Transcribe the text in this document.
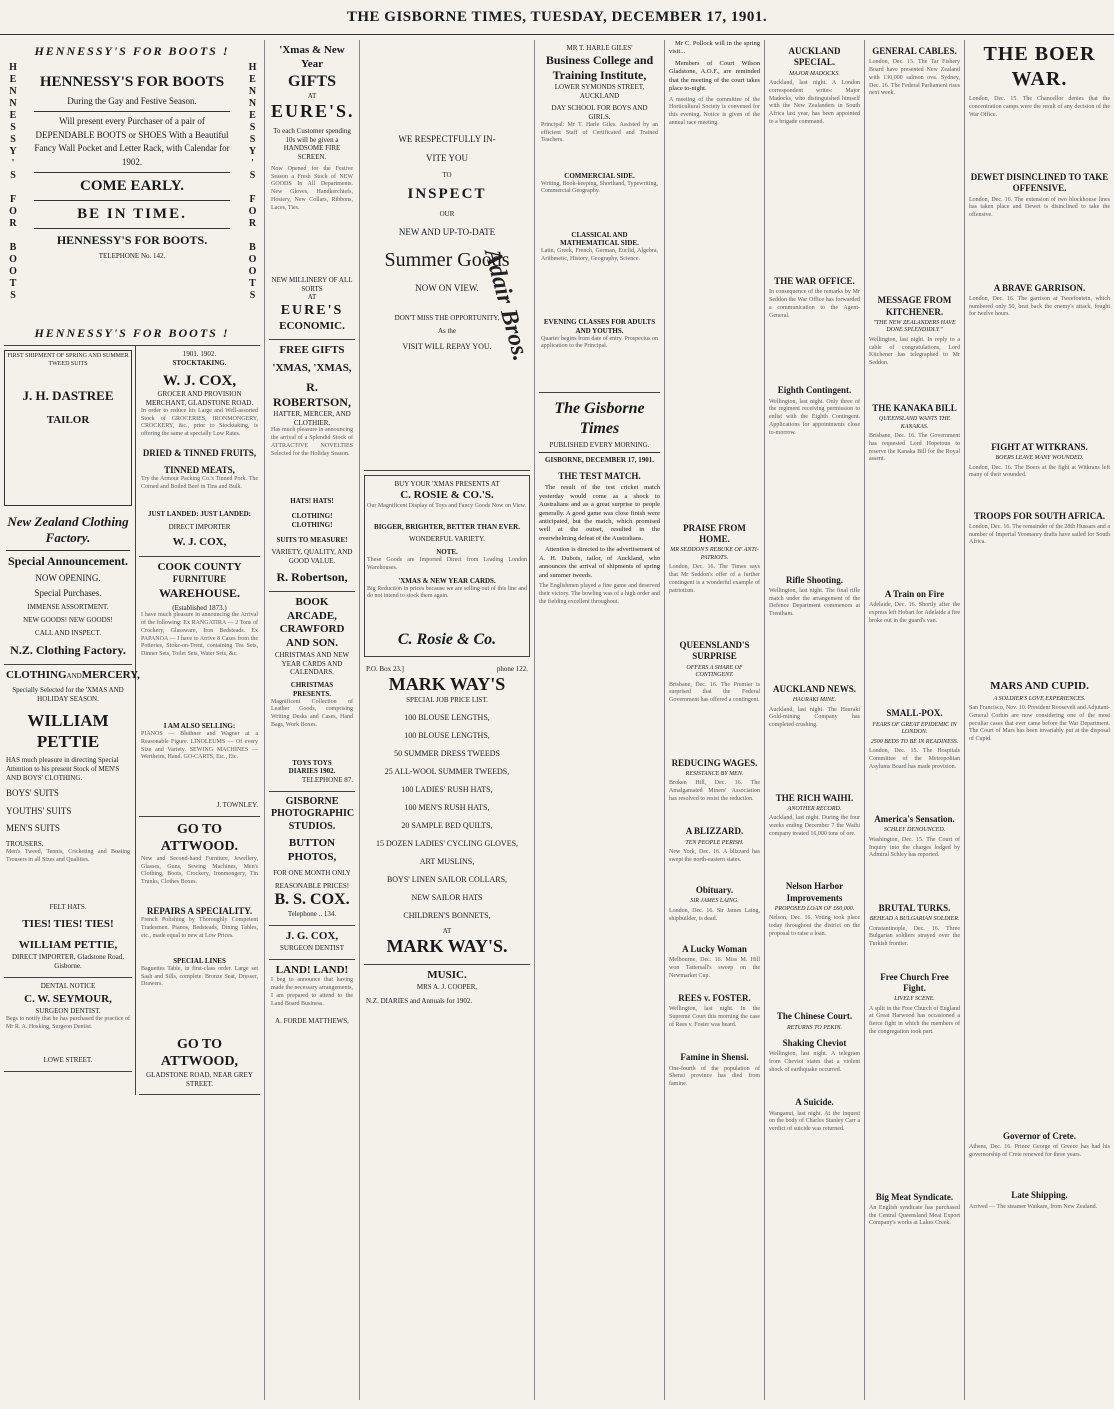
THE GISBORNE TIMES, TUESDAY, DECEMBER 17, 1901.
HENNESSY'S FOR BOOTS !
HENNESSY'S FOR BOOTS	HENNESSY'S FOR BOOTS
HENNESSY'S FOR BOOTS
During the Gay and Festive Season.
Will present every Purchaser of a pair of DEPENDABLE BOOTS or SHOES With a Beautiful Fancy Wall Pocket and Letter Rack, with Calendar for 1902.
COME EARLY.
BE IN TIME.
HENNESSY'S FOR BOOTS.
TELEPHONE No. 142.
HENNESSY'S FOR BOOTS !
FIRST SHIPMENT OF SPRING AND SUMMER TWEED SUITS
J. H. DASTREE
TAILOR
New Zealand Clothing Factory.
Special Announcement.
NOW OPENING.
Special Purchases.
IMMENSE ASSORTMENT.
NEW GOODS! NEW GOODS!
CALL AND INSPECT.
N.Z. Clothing Factory.
CLOTHING AND MERCERY,
Specially Selected for the 'XMAS AND HOLIDAY SEASON.
WILLIAM
PETTIE
HAS much pleasure in directing Special Attention to his present Stock of MEN'S AND BOYS' CLOTHING.
BOYS' SUITS
YOUTHS' SUITS
MEN'S SUITS
TROUSERS.
Men's Tweed, Tennis, Cricketing and Boating Trousers in all Sizes and Qualities.
FELT HATS.
TIES! TIES! TIES!
WILLIAM PETTIE,
DIRECT IMPORTER, Gladstone Road, Gisborne.
DENTAL NOTICE
C. W. SEYMOUR,
SURGEON DENTIST.
Begs to notify that he has purchased the practice of Mr R. A. Hosking, Surgeon Dentist.
LOWE STREET.
1901. 1902.
STOCKTAKING.
W. J. COX,
GROCER AND PROVISION MERCHANT, GLADSTONE ROAD.
In order to reduce his Large and Well-assorted Stock of GROCERIES, IRONMONGERY, CROCKERY, &c., prior to Stocktaking, is offering the same at specially Low Rates.
DRIED & TINNED FRUITS,
TINNED MEATS,
Try the Armour Packing Co.'s Tinned Pork. The Corned and Boiled Beef in Tins and Bulk.
JUST LANDED: JUST LANDED:
DIRECT IMPORTER
W. J. COX,
COOK COUNTY
FURNITURE
WAREHOUSE.
(Established 1873.)
I have much pleasure in announcing the Arrival of the following: Ex RANGATIRA — 2 Tons of Crockery, Glassware, Iron Bedsteads. Ex PAPANOA — I have to Arrive 8 Cases from the Potteries, Stoke-on-Trent, containing Tea Sets, Dinner Sets, Toilet Sets, Water Sets, &c.
I AM ALSO SELLING:
PIANOS — Bluthner and Wagner at a Reasonable Figure. LINOLEUMS — Of every Size and Variety. SEWING MACHINES — Wertheim, Hand. GO-CARTS, Etc., Etc.
J. TOWNLEY.
GO TO ATTWOOD.
New and Second-hand Furniture, Jewellery, Glasses, Guns, Sewing Machines, Men's Clothing, Boots, Crockery, Ironmongery, Tin Trunks, Clothes Boxes.
REPAIRS A SPECIALITY.
French Polishing by Thoroughly Competent Tradesmen. Pianos, Bedsteads, Dining Tables, etc., made equal to new at Low Prices.
SPECIAL LINES
Baguettes Table, in first-class order. Large set Sash and Sills, complete. Bronze Seat, Dresser, Drawers.
GO TO ATTWOOD,
GLADSTONE ROAD, NEAR GREY STREET.
'Xmas & New Year
GIFTS
AT
EURE'S.
To each Customer spending 10s will be given a HANDSOME FIRE SCREEN.
Now Opened for the Festive Season a Fresh Stock of NEW GOODS In All Departments. New Gloves, Handkerchiefs, Hosiery, New Collars, Ribbons, Laces, Ties.
NEW MILLINERY OF ALL SORTS
AT
EURE'S
ECONOMIC.
FREE GIFTS
'XMAS, 'XMAS,
R. ROBERTSON,
HATTER, MERCER, AND CLOTHIER,
Has much pleasure in announcing the arrival of a Splendid Stock of ATTRACTIVE NOVELTIES Selected for the Holiday Season.
HATS! HATS!
CLOTHING! CLOTHING!
SUITS TO MEASURE!
VARIETY, QUALITY, AND GOOD VALUE.
R. Robertson,
BOOK ARCADE,
CRAWFORD AND SON.
CHRISTMAS AND NEW YEAR CARDS AND CALENDARS.
CHRISTMAS PRESENTS.
Magnificent Collection of Leather Goods, comprising Writing Desks and Cases, Hand Bags, Work Boxes.
TOYS TOYS
DIARIES 1902.
TELEPHONE 87.
GISBORNE PHOTOGRAPHIC STUDIOS.
BUTTON PHOTOS,
FOR ONE MONTH ONLY
REASONABLE PRICES!
B. S. COX.
Telephone .. 134.
J. G. COX,
SURGEON DENTIST
LAND! LAND!
I beg to announce that having made the necessary arrangements, I am prepared to attend to the Land Board Business.
A. FORDE MATTHEWS,
WE RESPECTFULLY IN-
VITE YOU
TO
INSPECT
OUR
NEW AND UP-TO-DATE
Summer Goods
NOW ON VIEW.
DON'T MISS THE OPPORTUNITY,
As the
VISIT WILL REPAY YOU.
Adair Bros.
BUY YOUR 'XMAS PRESENTS AT
C. ROSIE & CO.'S.
Our Magnificent Display of Toys and Fancy Goods Now on View.
BIGGER, BRIGHTER, BETTER THAN EVER.
WONDERFUL VARIETY.
NOTE.
These Goods are Imported Direct from Leading London Warehouses.
'XMAS & NEW YEAR CARDS.
Big Reduction in prices because we are selling out of this line and do not intend to stock them again.
C. Rosie & Co.
P.O. Box 23.]	phone 122.
MARK WAY'S
SPECIAL JOB PRICE LIST.
100 BLOUSE LENGTHS,
100 BLOUSE LENGTHS,
50 SUMMER DRESS TWEEDS
25 ALL-WOOL SUMMER TWEEDS,
100 LADIES' RUSH HATS,
100 MEN'S RUSH HATS,
20 SAMPLE BED QUILTS,
15 DOZEN LADIES' CYCLING GLOVES,
ART MUSLINS,
BOYS' LINEN SAILOR COLLARS,
NEW SAILOR HATS
CHILDREN'S BONNETS,
AT
MARK WAY'S.
MUSIC.
MRS A. J. COOPER,
N.Z. DIARIES and Annuals for 1902.
MR T. HARLE GILES'
Business College and Training Institute,
LOWER SYMONDS STREET, AUCKLAND
DAY SCHOOL FOR BOYS AND GIRLS.
Principal: Mr T. Harle Giles. Assisted by an efficient Staff of Certificated and Trained Teachers.
COMMERCIAL SIDE.
Writing, Book-keeping, Shorthand, Typewriting, Commercial Geography.
CLASSICAL AND MATHEMATICAL SIDE.
Latin, Greek, French, German, Euclid, Algebra, Arithmetic, History, Geography, Science.
EVENING CLASSES FOR ADULTS AND YOUTHS.
Quarter begins from date of entry. Prospectus on application to the Principal.
The Gisborne Times
PUBLISHED EVERY MORNING.
GISBORNE, DECEMBER 17, 1901.
THE TEST MATCH.

The result of the test cricket match yesterday would come as a shock to Australians and as a great surprise to people generally. A good game was close finish were anticipated, but the match, which promised well at the outset, resulted in the overwhelming defeat of the Australians.

Attention is directed to the advertisement of A. H. Dubois, tailor, of Auckland, who announces the arrival of shipments of spring and summer tweeds.

The Englishmen played a fine game and deserved their victory. The bowling was of a high order and the fielding excellent throughout.

Mr C. Pollock will in the spring visit...

Members of Court Wilson Gladstone, A.O.F., are reminded that the meeting of the court takes place to-night.

A meeting of the committee of the Horticultural Society is convened for this evening. Notice is given of the annual race meeting.
PRAISE FROM HOME.
MR SEDDON'S REBUKE OF ANTI-PATRIOTS.
London, Dec. 16. The Times says that Mr Seddon's offer of a further contingent is a wonderful example of patriotism.
QUEENSLAND'S SURPRISE
OFFERS A SHARE OF CONTINGENT.
Brisbane, Dec. 16. The Premier is surprised that the Federal Government has offered a contingent.
REDUCING WAGES.
RESISTANCE BY MEN.
Broken Hill, Dec. 16. The Amalgamated Miners' Association has resolved to resist the reduction.
A BLIZZARD.
TEN PEOPLE PERISH.
New York, Dec. 16. A blizzard has swept the north-eastern states.
Obituary.
SIR JAMES LAING.
London, Dec. 16. Sir James Laing, shipbuilder, is dead.
A Lucky Woman
Melbourne, Dec. 16. Miss M. Hill won Tattersall's sweep on the Newmarket Cup.
REES v. FOSTER.
Wellington, last night. In the Supreme Court this morning the case of Rees v. Foster was heard.
Famine in Shensi.
One-fourth of the population of Shensi province has died from famine.
AUCKLAND SPECIAL.
MAJOR MADOCKS.
Auckland, last night. A London correspondent writes: Major Madocks, who distinguished himself with the New Zealanders in South Africa last year, has been appointed to a brigade command.
THE WAR OFFICE.
In consequence of the remarks by Mr Seddon the War Office has forwarded a communication to the Agent-General.
Eighth Contingent.
Wellington, last night. Only three of the regiment receiving permission to enlist with the Eighth Contingent. Applications for appointments close to-morrow.
Rifle Shooting.
Wellington, last night. The final rifle match under the arrangement of the Defence Department commences at Trentham.
AUCKLAND NEWS.
HAURAKI MINE.
Auckland, last night. The Hauraki Gold-mining Company has completed crushing.
THE RICH WAIHI.
ANOTHER RECORD.
Auckland, last night. During the four weeks ending December 7 the Waihi company treated 16,000 tons of ore.
Nelson Harbor Improvements
PROPOSED LOAN OF £60,000.
Nelson, Dec. 16. Voting took place today throughout the district on the proposal to raise a loan.
The Chinese Court.
RETURNS TO PEKIN.
Shaking Cheviot
Wellington, last night. A telegram from Cheviot states that a violent shock of earthquake occurred.
A Suicide.
Wanganui, last night. At the inquest on the body of Charles Stanley Carr a verdict of suicide was returned.
GENERAL CABLES.
London, Dec. 15. The Tar Fishery Board have presented New Zealand with 130,000 salmon ova. Sydney, Dec. 16. The Federal Parliament rises next week.
MESSAGE FROM KITCHENER.
"THE NEW ZEALANDERS HAVE DONE SPLENDIDLY."
Wellington, last night. In reply to a cable of congratulations, Lord Kitchener has telegraphed to Mr Seddon.
THE KANAKA BILL
QUEENSLAND WANTS THE KANAKAS.
Brisbane, Dec. 16. The Government has requested Lord Hopetoun to reserve the Kanaka Bill for the Royal assent.
A Train on Fire
Adelaide, Dec. 16. Shortly after the express left Hobart for Adelaide a fire broke out in the guard's van.
SMALL-POX.
FEARS OF GREAT EPIDEMIC IN LONDON.
2500 BEDS TO BE IN READINESS.
London, Dec. 15. The Hospitals Committee of the Metropolitan Asylums Board has made provision.
America's Sensation.
SCHLEY DENOUNCED.
Washington, Dec. 15. The Court of Inquiry into the charges lodged by Admiral Schley has reported.
BRUTAL TURKS.
BEHEAD A BULGARIAN SOLDIER.
Constantinople, Dec. 16. Three Bulgarian soldiers strayed over the Turkish frontier.
Free Church Free Fight.
LIVELY SCENE.
A split in the Free Church of England at Great Harwood has occasioned a fierce fight in which the members of the congregation took part.
Big Meat Syndicate.
An English syndicate has purchased the Central Queensland Meat Export Company's works at Lakes Creek.
THE BOER WAR.
London, Dec. 15. The Chancellor denies that the concentration camps were the result of any decision of the War Office.
DEWET DISINCLINED TO TAKE OFFENSIVE.
London, Dec. 16. The extension of two blockhouse lines has taken place and Dewet is disinclined to take the offensive.
A BRAVE GARRISON.
London, Dec. 16. The garrison at Tweefontein, which numbered only 50, beat back the enemy's attack, fought for twelve hours.
FIGHT AT WITKRANS.
BOERS LEAVE MANY WOUNDED.
London, Dec. 16. The Boers at the fight at Witkrans left many of their wounded.
TROOPS FOR SOUTH AFRICA.
London, Dec. 16. The remainder of the 28th Hussars and a number of Imperial Yeomanry drafts have sailed for South Africa.
MARS AND CUPID.
A SOLDIER'S LOVE EXPERIENCES.
San Francisco, Nov. 10. President Roosevelt and Adjutant-General Corbin are now considering one of the most peculiar cases that ever came before the War Department. The Court of Mars has been invariably put at the disposal of Cupid.
Governor of Crete.
Athens, Dec. 16. Prince George of Greece has had his governorship of Crete renewed for three years.
Late Shipping.
Arrived — The steamer Waikare, from New Zealand.
